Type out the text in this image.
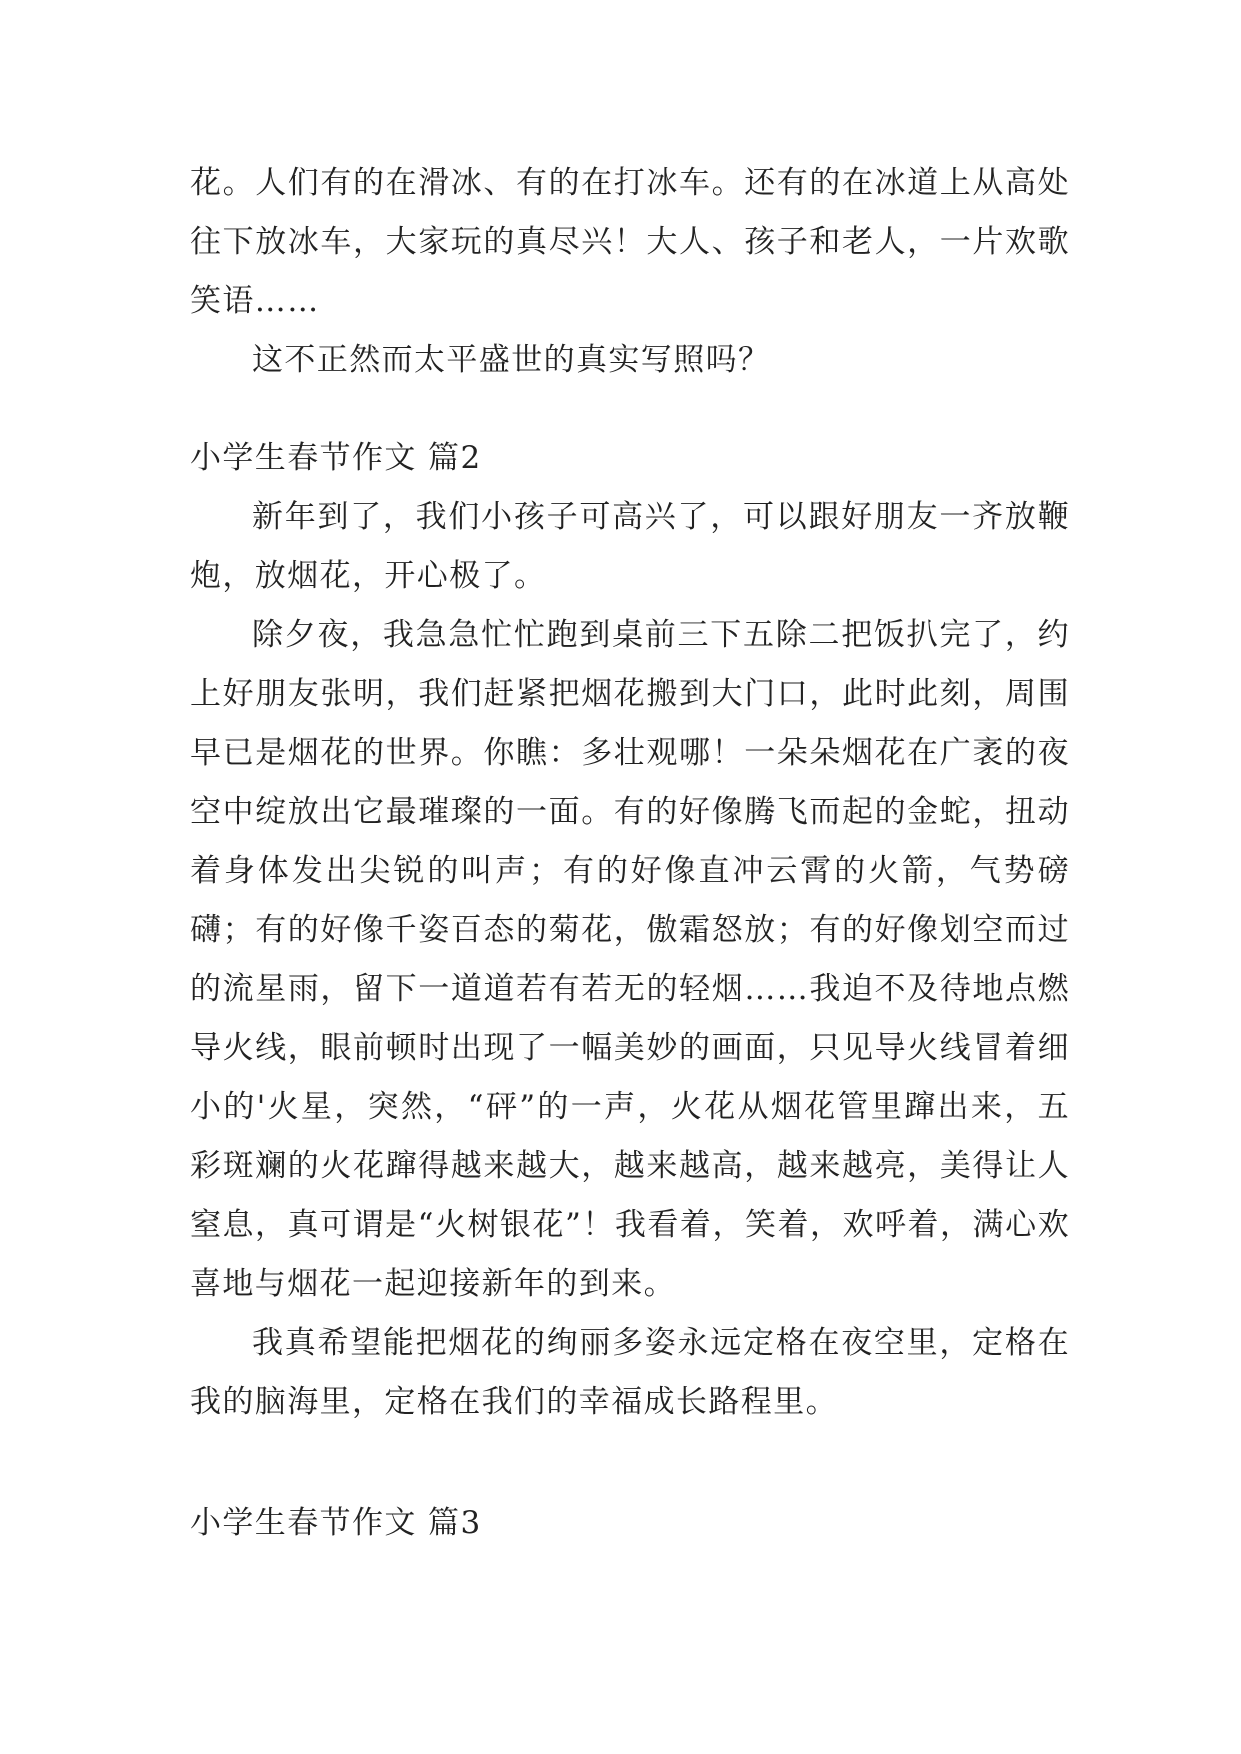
花。人们有的在滑冰、有的在打冰车。还有的在冰道上从高处往下放冰车，大家玩的真尽兴！大人、孩子和老人，一片欢歌笑语……

这不正然而太平盛世的真实写照吗？

小学生春节作文 篇2

新年到了，我们小孩子可高兴了，可以跟好朋友一齐放鞭炮，放烟花，开心极了。

除夕夜，我急急忙忙跑到桌前三下五除二把饭扒完了，约上好朋友张明，我们赶紧把烟花搬到大门口，此时此刻，周围早已是烟花的世界。你瞧：多壮观哪！一朵朵烟花在广袤的夜空中绽放出它最璀璨的一面。有的好像腾飞而起的金蛇，扭动着身体发出尖锐的叫声；有的好像直冲云霄的火箭，气势磅礴；有的好像千姿百态的菊花，傲霜怒放；有的好像划空而过的流星雨，留下一道道若有若无的轻烟……我迫不及待地点燃导火线，眼前顿时出现了一幅美妙的画面，只见导火线冒着细小的'火星，突然，“砰”的一声，火花从烟花管里蹿出来，五彩斑斓的火花蹿得越来越大，越来越高，越来越亮，美得让人窒息，真可谓是“火树银花”！我看着，笑着，欢呼着，满心欢喜地与烟花一起迎接新年的到来。

我真希望能把烟花的绚丽多姿永远定格在夜空里，定格在我的脑海里，定格在我们的幸福成长路程里。

小学生春节作文 篇3
